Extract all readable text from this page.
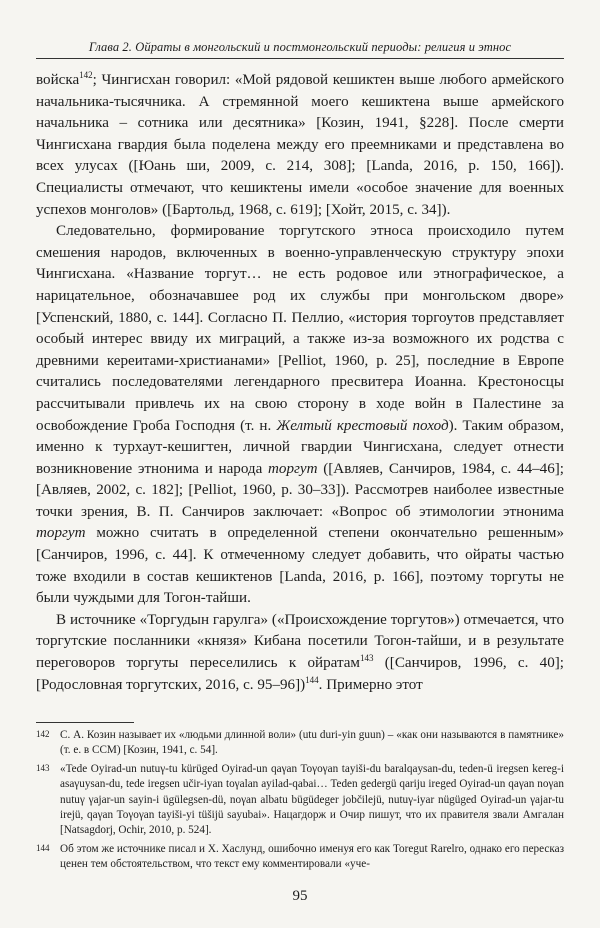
Глава 2. Ойраты в монгольский и постмонгольский периоды: религия и этнос

войска$^{142}$; Чингисхан говорил: «Мой рядовой кешиктен выше любого армейского начальника-тысячника. А стремянной моего кешиктена выше армейского начальника – сотника или десятника» [Козин, 1941, §228]. После смерти Чингисхана гвардия была поделена между его преемниками и представлена во всех улусах ([Юань ши, 2009, с. 214, 308]; [Landa, 2016, p. 150, 166]). Специалисты отмечают, что кешиктены имели «особое значение для военных успехов монголов» ([Бартольд, 1968, с. 619]; [Хойт, 2015, с. 34]).

Следовательно, формирование торгутского этноса происходило путем смешения народов, включенных в военно-управленческую структуру эпохи Чингисхана. «Название торгут… не есть родовое или этнографическое, а нарицательное, обозначавшее род их службы при монгольском дворе» [Успенский, 1880, с. 144]. Согласно П. Пеллио, «история торгоутов представляет особый интерес ввиду их миграций, а также из-за возможного их родства с древними кереитами-христианами» [Pelliot, 1960, p. 25], последние в Европе считались последователями легендарного пресвитера Иоанна. Крестоносцы рассчитывали привлечь их на свою сторону в ходе войн в Палестине за освобождение Гроба Господня (т. н. Желтый крестовый поход). Таким образом, именно к турхаут-кешигтен, личной гвардии Чингисхана, следует отнести возникновение этнонима и народа торгут ([Авляев, Санчиров, 1984, с. 44–46]; [Авляев, 2002, с. 182]; [Pelliot, 1960, p. 30–33]). Рассмотрев наиболее известные точки зрения, В. П. Санчиров заключает: «Вопрос об этимологии этнонима торгут можно считать в определенной степени окончательно решенным» [Санчиров, 1996, с. 44]. К отмеченному следует добавить, что ойраты частью тоже входили в состав кешиктенов [Landa, 2016, p. 166], поэтому торгуты не были чуждыми для Тогон-тайши.

В источнике «Торгудын гарулга» («Происхождение торгутов») отмечается, что торгутские посланники «князя» Кибана посетили Тогон-тайши, и в результате переговоров торгуты переселились к ойратам$^{143}$ ([Санчиров, 1996, с. 40]; [Родословная торгутских, 2016, с. 95–96])$^{144}$. Примерно этот

142 С. А. Козин называет их «людьми длинной воли» (utu duri-yin guun) – «как они называются в памятнике» (т. е. в ССМ) [Козин, 1941, с. 54].
143 «Tede Oyirad-un nutuγ-tu kürüged Oyirad-un qaγan Toγoγan tayiši-du baralqaysan-du, teden-ü iregsen kereg-i asaγuysan-du, tede iregsen učir-iyan toγalan ayilad-qabai… Teden gedergü qariju ireged Oyirad-un qaγan noγan nutuγ γajar-un sayin-i ügülegsen-dü, noγan albatu bügüdeger jobčilejü, nutuγ-iyar nügüged Oyirad-un γajar-tu irejü, qaγan Toγoγan tayiši-yi tüšijü sayubai». Нацагдорж и Очир пишут, что их правителя звали Амгалан [Natsagdorj, Ochir, 2010, p. 524].
144 Об этом же источнике писал и Х. Хаслунд, ошибочно именуя его как Toregut Rarelro, однако его пересказ ценен тем обстоятельством, что текст ему комментировали «уче-
95
